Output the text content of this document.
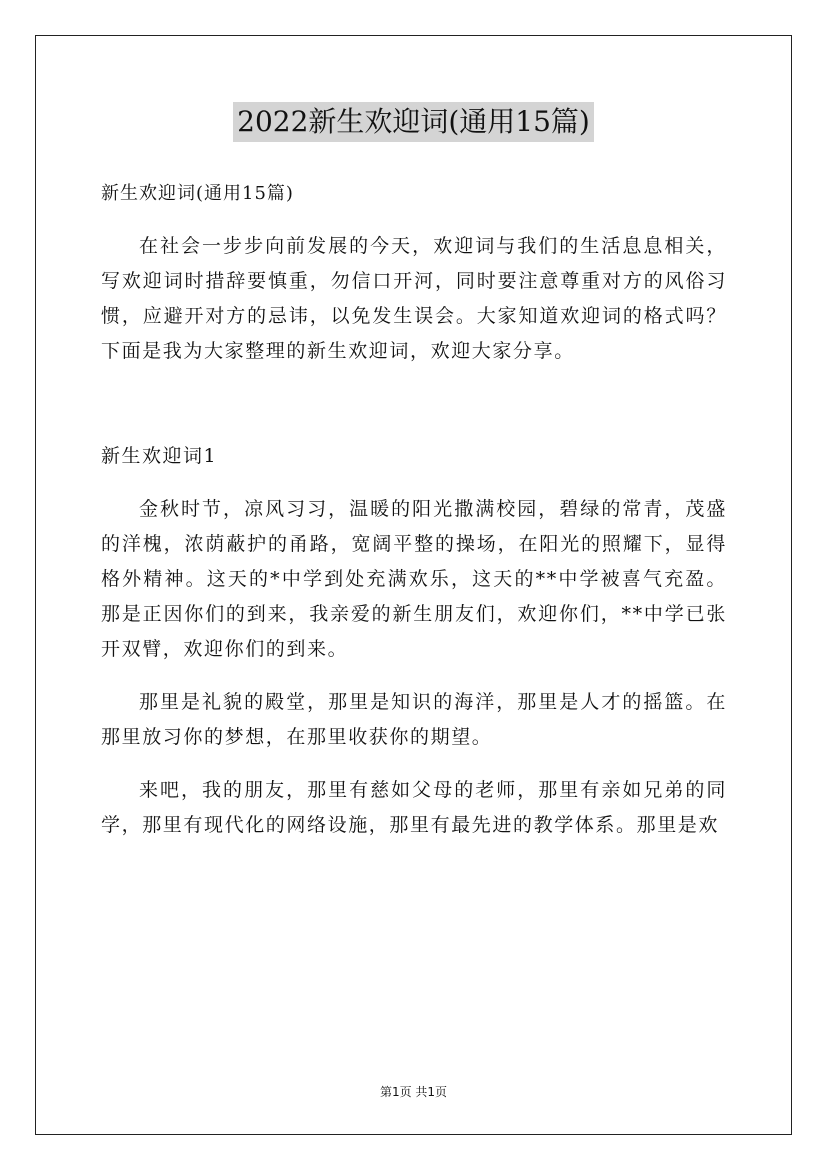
2022新生欢迎词(通用15篇)
新生欢迎词(通用15篇)
在社会一步步向前发展的今天，欢迎词与我们的生活息息相关，写欢迎词时措辞要慎重，勿信口开河，同时要注意尊重对方的风俗习惯，应避开对方的忌讳，以免发生误会。大家知道欢迎词的格式吗？下面是我为大家整理的新生欢迎词，欢迎大家分享。
新生欢迎词1
金秋时节，凉风习习，温暖的阳光撒满校园，碧绿的常青，茂盛的洋槐，浓荫蔽护的甬路，宽阔平整的操场，在阳光的照耀下，显得格外精神。这天的*中学到处充满欢乐，这天的**中学被喜气充盈。那是正因你们的到来，我亲爱的新生朋友们，欢迎你们，**中学已张开双臂，欢迎你们的到来。
那里是礼貌的殿堂，那里是知识的海洋，那里是人才的摇篮。在那里放习你的梦想，在那里收获你的期望。
来吧，我的朋友，那里有慈如父母的老师，那里有亲如兄弟的同学，那里有现代化的网络设施，那里有最先进的教学体系。那里是欢
第1页 共1页
